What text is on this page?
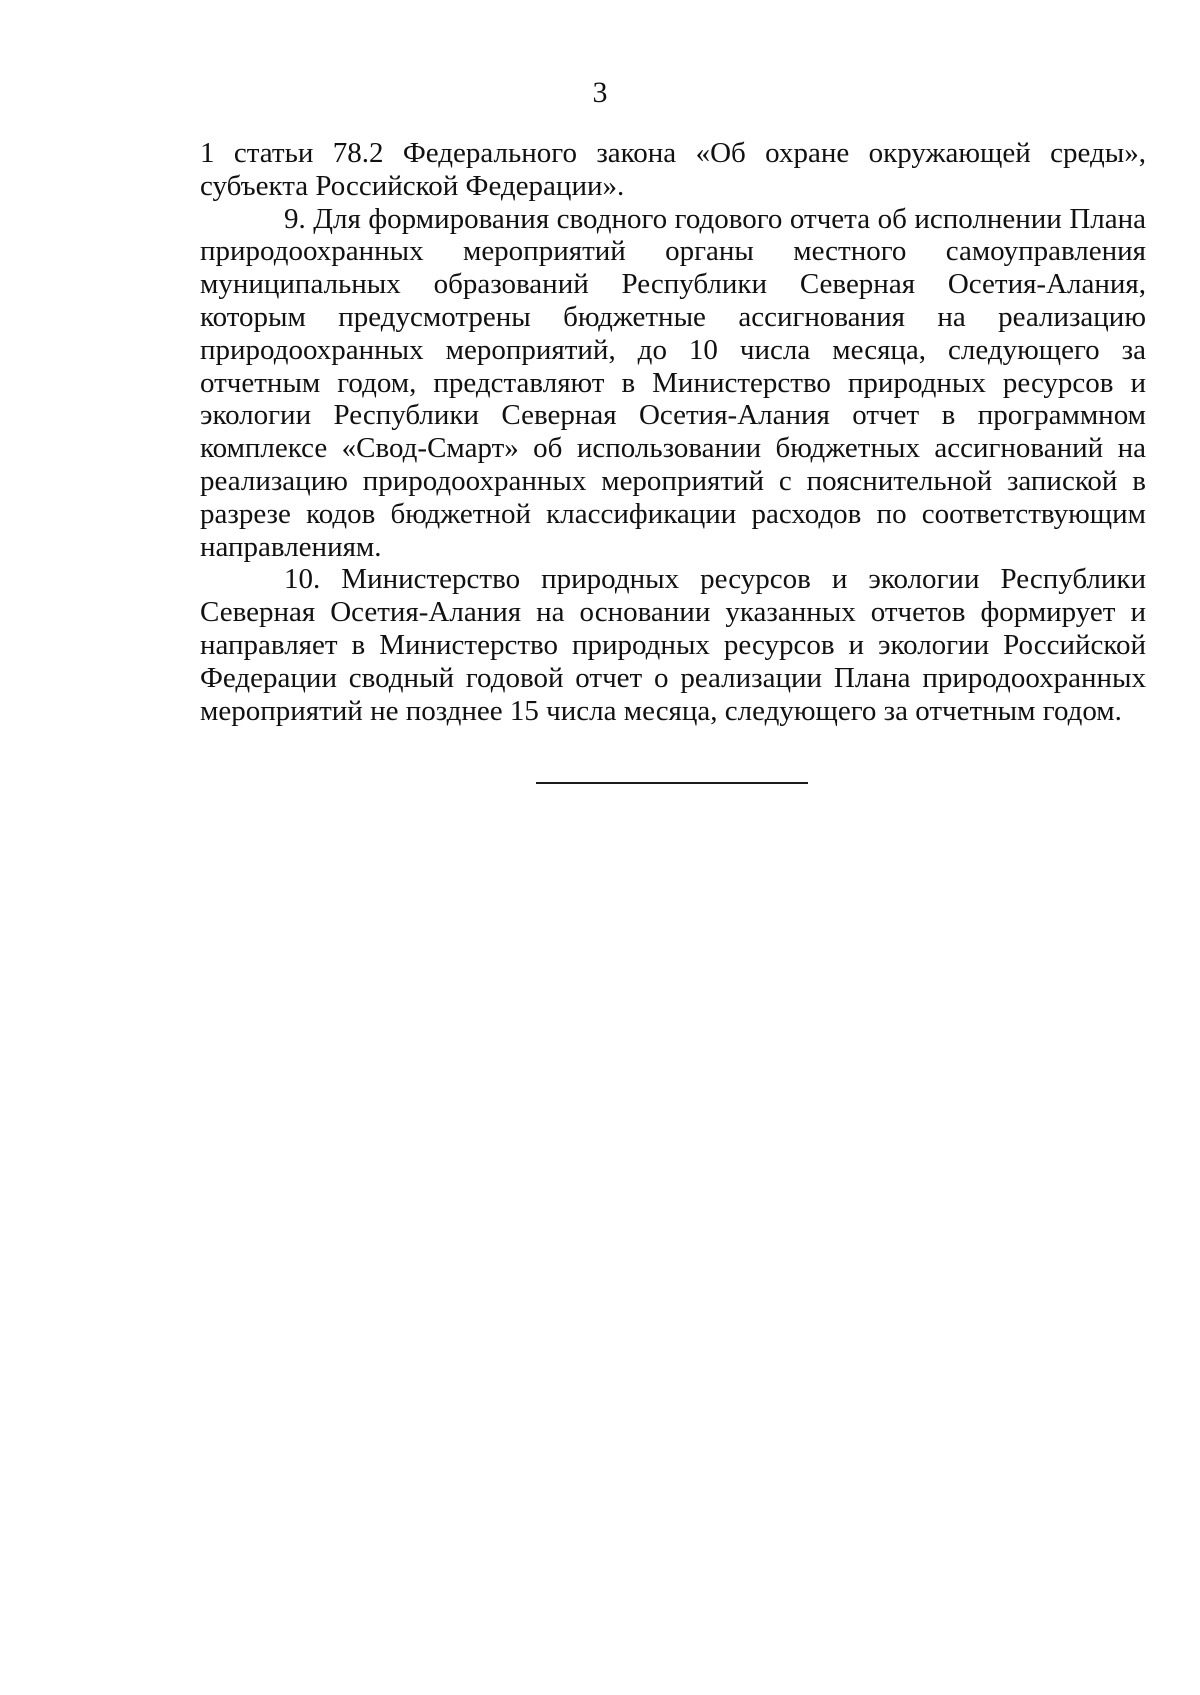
3

1 статьи 78.2 Федерального закона «Об охране окружающей среды», субъекта Российской Федерации».

9. Для формирования сводного годового отчета об исполнении Плана природоохранных мероприятий органы местного самоуправления муниципальных образований Республики Северная Осетия-Алания, которым предусмотрены бюджетные ассигнования на реализацию природоохранных мероприятий, до 10 числа месяца, следующего за отчетным годом, представляют в Министерство природных ресурсов и экологии Республики Северная Осетия-Алания отчет в программном комплексе «Свод-Смарт» об использовании бюджетных ассигнований на реализацию природоохранных мероприятий с пояснительной запиской в разрезе кодов бюджетной классификации расходов по соответствующим направлениям.

10. Министерство природных ресурсов и экологии Республики Северная Осетия-Алания на основании указанных отчетов формирует и направляет в Министерство природных ресурсов и экологии Российской Федерации сводный годовой отчет о реализации Плана природоохранных мероприятий не позднее 15 числа месяца, следующего за отчетным годом.
